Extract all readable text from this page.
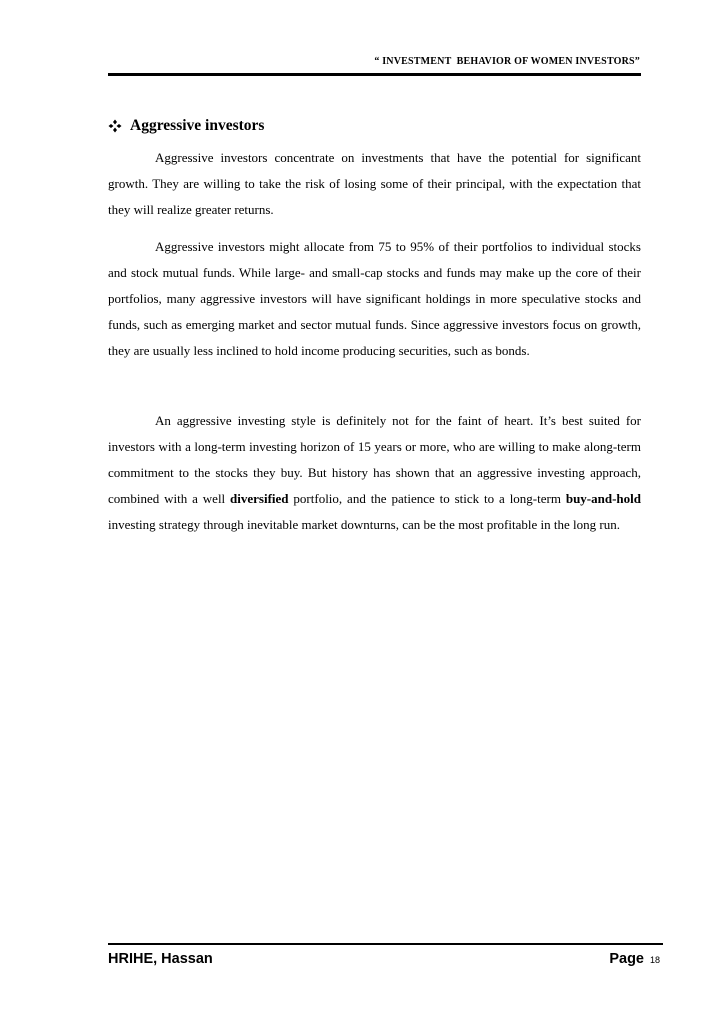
“ INVESTMENT  BEHAVIOR OF WOMEN INVESTORS”
Aggressive investors

Aggressive investors concentrate on investments that have the potential for significant growth. They are willing to take the risk of losing some of their principal, with the expectation that they will realize greater returns.

Aggressive investors might allocate from 75 to 95% of their portfolios to individual stocks and stock mutual funds. While large- and small-cap stocks and funds may make up the core of their portfolios, many aggressive investors will have significant holdings in more speculative stocks and funds, such as emerging market and sector mutual funds. Since aggressive investors focus on growth, they are usually less inclined to hold income producing securities, such as bonds.

An aggressive investing style is definitely not for the faint of heart. It’s best suited for investors with a long-term investing horizon of 15 years or more, who are willing to make along-term commitment to the stocks they buy. But history has shown that an aggressive investing approach, combined with a well diversified portfolio, and the patience to stick to a long-term buy-and-hold investing strategy through inevitable market downturns, can be the most profitable in the long run.

HRIHE, Hassan	Page 18
